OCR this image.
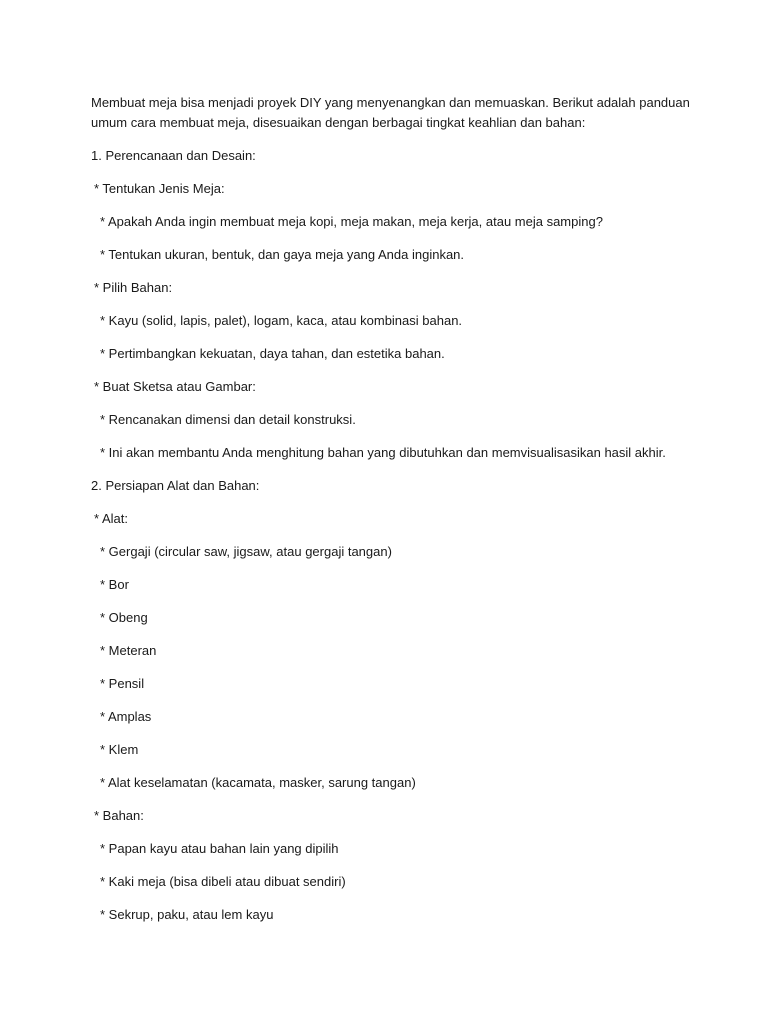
Membuat meja bisa menjadi proyek DIY yang menyenangkan dan memuaskan. Berikut adalah panduan umum cara membuat meja, disesuaikan dengan berbagai tingkat keahlian dan bahan:

1. Perencanaan dan Desain:
* Tentukan Jenis Meja:
* Apakah Anda ingin membuat meja kopi, meja makan, meja kerja, atau meja samping?
* Tentukan ukuran, bentuk, dan gaya meja yang Anda inginkan.
* Pilih Bahan:
* Kayu (solid, lapis, palet), logam, kaca, atau kombinasi bahan.
* Pertimbangkan kekuatan, daya tahan, dan estetika bahan.
* Buat Sketsa atau Gambar:
* Rencanakan dimensi dan detail konstruksi.
* Ini akan membantu Anda menghitung bahan yang dibutuhkan dan memvisualisasikan hasil akhir.
2. Persiapan Alat dan Bahan:
* Alat:
* Gergaji (circular saw, jigsaw, atau gergaji tangan)
* Bor
* Obeng
* Meteran
* Pensil
* Amplas
* Klem
* Alat keselamatan (kacamata, masker, sarung tangan)
* Bahan:
* Papan kayu atau bahan lain yang dipilih
* Kaki meja (bisa dibeli atau dibuat sendiri)
* Sekrup, paku, atau lem kayu
